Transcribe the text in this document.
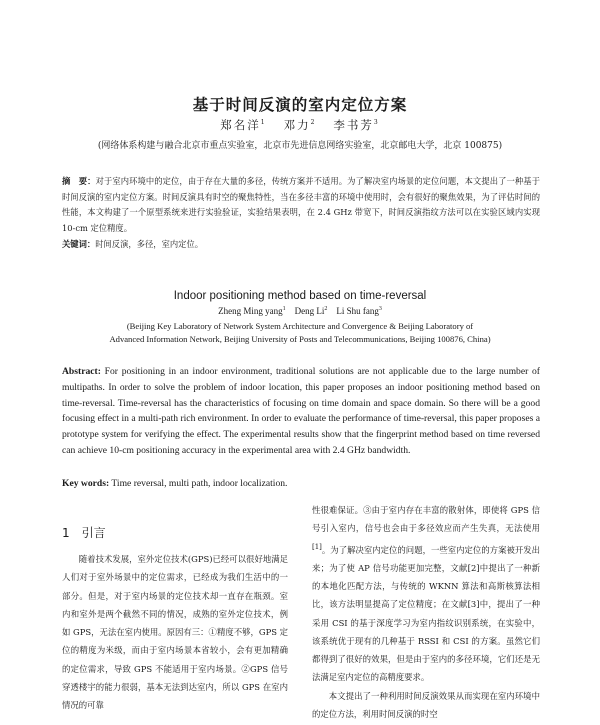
基于时间反演的室内定位方案
郑名洋$^1$ 邓力$^2$ 李书芳$^3$
(网络体系构建与融合北京市重点实验室，北京市先进信息网络实验室，北京邮电大学，北京 100875)
摘　要：对于室内环境中的定位，由于存在大量的多径，传统方案并不适用。为了解决室内场景的定位问题，本文提出了一种基于时间反演的室内定位方案。时间反演具有时空的聚焦特性，当在多径丰富的环境中使用时，会有很好的聚焦效果，为了评估时间的性能，本文构建了一个原型系统来进行实验验证，实验结果表明，在 2.4 GHz 带宽下，时间反演指纹方法可以在实验区域内实现 10-cm 定位精度。
关键词：时间反演，多径，室内定位。
Indoor positioning method based on time-reversal
Zheng Ming yang$^1$ Deng Li$^2$ Li Shu fang$^3$
(Beijing Key Laboratory of Network System Architecture and Convergence & Beijing Laboratory of
Advanced Information Network, Beijing University of Posts and Telecommunications, Beijing 100876, China)
Abstract: For positioning in an indoor environment, traditional solutions are not applicable due to the large number of multipaths. In order to solve the problem of indoor location, this paper proposes an indoor positioning method based on time-reversal. Time-reversal has the characteristics of focusing on time domain and space domain. So there will be a good focusing effect in a multi-path rich environment. In order to evaluate the performance of time-reversal, this paper proposes a prototype system for verifying the effect. The experimental results show that the fingerprint method based on time reversed can achieve 10-cm positioning accuracy in the experimental area with 2.4 GHz bandwidth.
Key words: Time reversal, multi path, indoor localization.
1　引言
随着技术发展，室外定位技术(GPS)已经可以很好地满足人们对于室外场景中的定位需求，已经成为我们生活中的一部分。但是，对于室内场景的定位技术却一直存在瓶颈。室内和室外是两个截然不同的情况，成熟的室外定位技术，例如 GPS，无法在室内使用。原因有三：①精度不够，GPS 定位的精度为米级，而由于室内场景本省较小，会有更加精确的定位需求，导致 GPS 不能适用于室内场景。②GPS 信号穿透楼宇的能力很弱，基本无法到达室内，所以 GPS 在室内情况的可靠
性很难保证。③由于室内存在丰富的散射体，即使将 GPS 信号引入室内，信号也会由于多径效应而产生失真，无法使用[1]。为了解决室内定位的问题，一些室内定位的方案被开发出来；为了使 AP 信号功能更加完整，文献[2]中提出了一种新的本地化匹配方法，与传统的 WKNN 算法和高斯核算法相比，该方法明显提高了定位精度；在文献[3]中，提出了一种采用 CSI 的基于深度学习为室内指纹识别系统，在实验中，该系统优于现有的几种基于 RSSI 和 CSI 的方案。虽然它们都得到了很好的效果，但是由于室内的多径环境，它们还是无法满足室内定位的高精度要求。
本文提出了一种利用时间反演效果从而实现在室内环境中的定位方法，利用时间反演的时空
